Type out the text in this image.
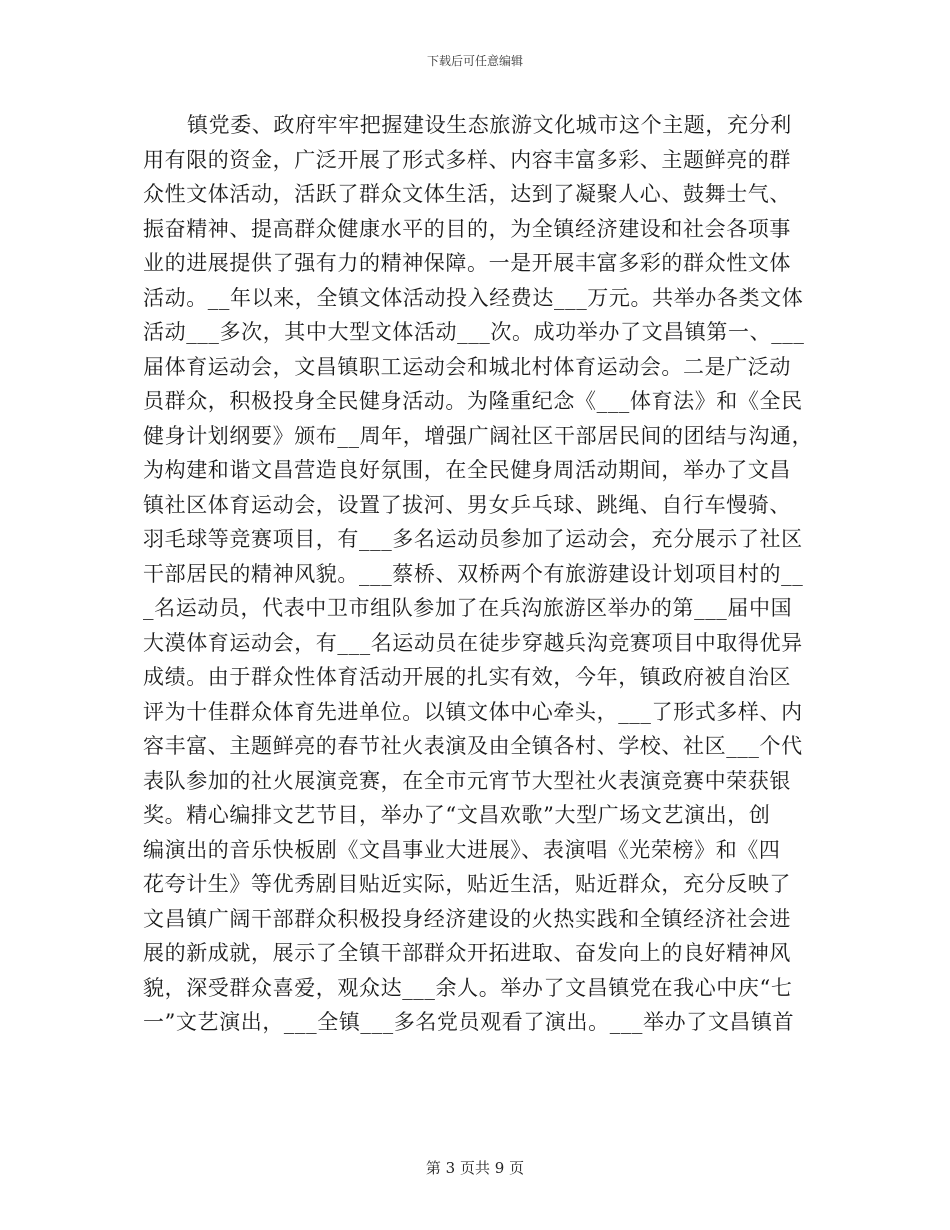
下载后可任意编辑
镇党委、政府牢牢把握建设生态旅游文化城市这个主题，充分利
用有限的资金，广泛开展了形式多样、内容丰富多彩、主题鲜亮的群
众性文体活动，活跃了群众文体生活，达到了凝聚人心、鼓舞士气、
振奋精神、提高群众健康水平的目的，为全镇经济建设和社会各项事
业的进展提供了强有力的精神保障。一是开展丰富多彩的群众性文体
活动。__年以来，全镇文体活动投入经费达___万元。共举办各类文体
活动___多次，其中大型文体活动___次。成功举办了文昌镇第一、___
届体育运动会，文昌镇职工运动会和城北村体育运动会。二是广泛动
员群众，积极投身全民健身活动。为隆重纪念《___体育法》和《全民
健身计划纲要》颁布__周年，增强广阔社区干部居民间的团结与沟通，
为构建和谐文昌营造良好氛围，在全民健身周活动期间，举办了文昌
镇社区体育运动会，设置了拔河、男女乒乓球、跳绳、自行车慢骑、
羽毛球等竞赛项目，有___多名运动员参加了运动会，充分展示了社区
干部居民的精神风貌。___蔡桥、双桥两个有旅游建设计划项目村的__
_名运动员，代表中卫市组队参加了在兵沟旅游区举办的第___届中国
大漠体育运动会，有___名运动员在徒步穿越兵沟竞赛项目中取得优异
成绩。由于群众性体育活动开展的扎实有效，今年，镇政府被自治区
评为十佳群众体育先进单位。以镇文体中心牵头，___了形式多样、内
容丰富、主题鲜亮的春节社火表演及由全镇各村、学校、社区___个代
表队参加的社火展演竞赛，在全市元宵节大型社火表演竞赛中荣获银
奖。精心编排文艺节目，举办了“文昌欢歌”大型广场文艺演出，创
编演出的音乐快板剧《文昌事业大进展》、表演唱《光荣榜》和《四
花夸计生》等优秀剧目贴近实际，贴近生活，贴近群众，充分反映了
文昌镇广阔干部群众积极投身经济建设的火热实践和全镇经济社会进
展的新成就，展示了全镇干部群众开拓进取、奋发向上的良好精神风
貌，深受群众喜爱，观众达___余人。举办了文昌镇党在我心中庆“七
一”文艺演出，___全镇___多名党员观看了演出。___举办了文昌镇首
第 3 页共 9 页
